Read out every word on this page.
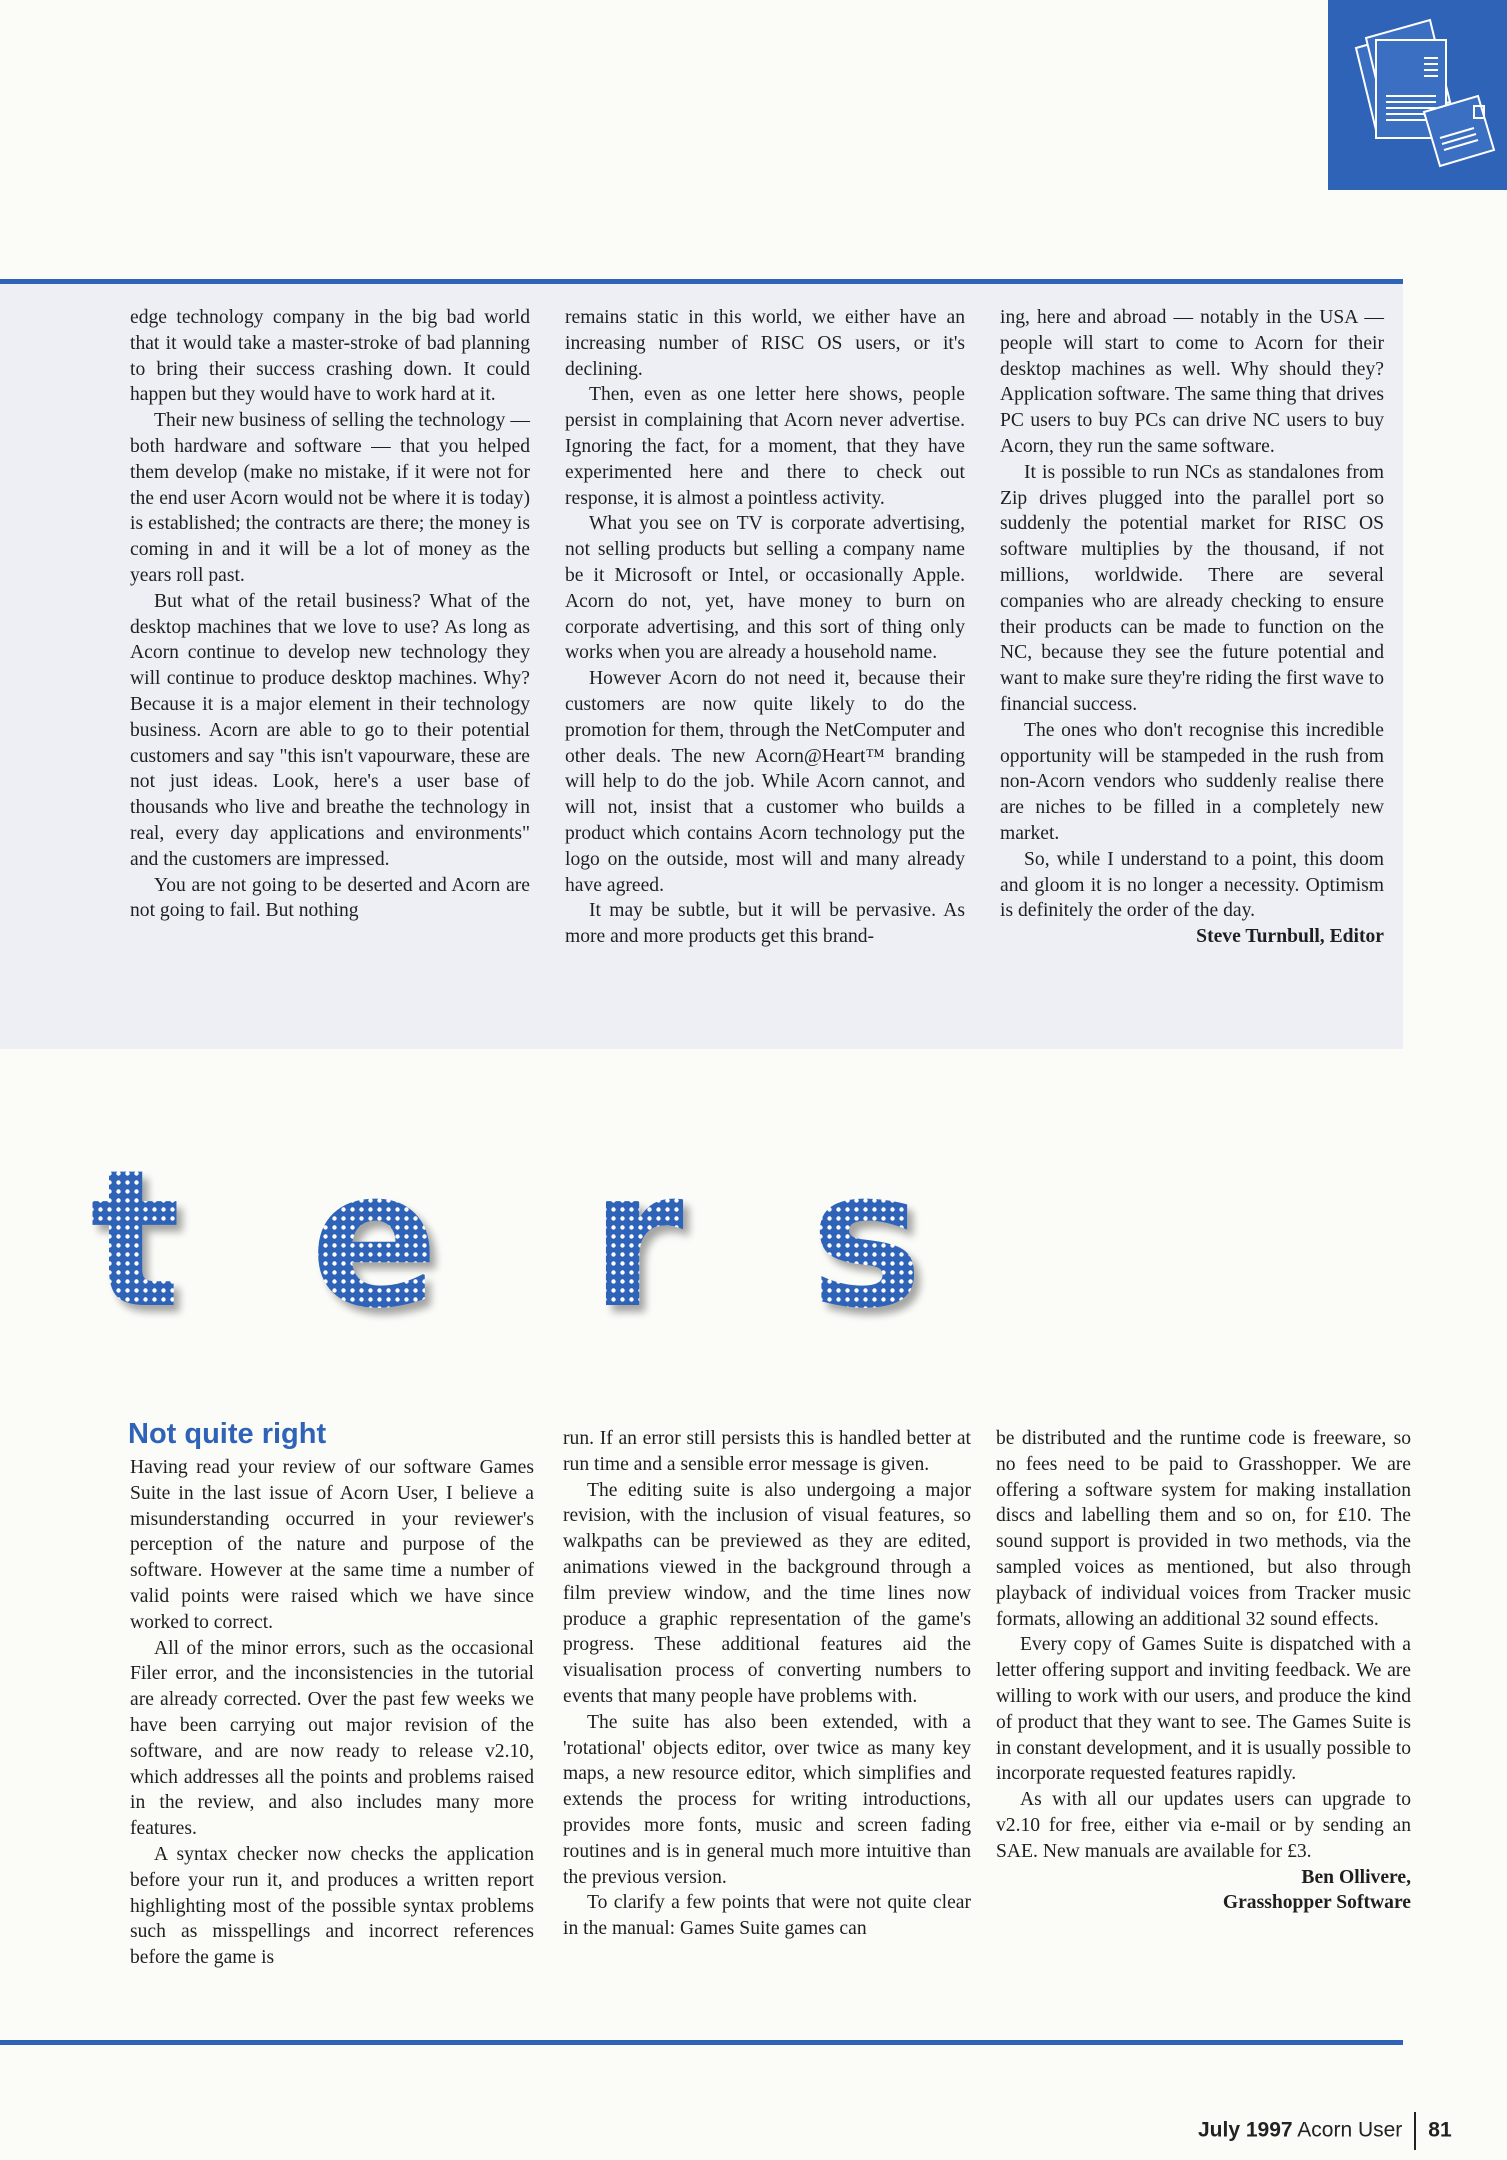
edge technology company in the big bad world that it would take a master-stroke of bad planning to bring their success crashing down. It could happen but they would have to work hard at it.

Their new business of selling the technology — both hardware and software — that you helped them develop (make no mistake, if it were not for the end user Acorn would not be where it is today) is established; the contracts are there; the money is coming in and it will be a lot of money as the years roll past.

But what of the retail business? What of the desktop machines that we love to use? As long as Acorn continue to develop new technology they will continue to produce desktop machines. Why? Because it is a major element in their technology business. Acorn are able to go to their potential customers and say "this isn't vapourware, these are not just ideas. Look, here's a user base of thousands who live and breathe the technology in real, every day applications and environments" and the customers are impressed.

You are not going to be deserted and Acorn are not going to fail. But nothing

remains static in this world, we either have an increasing number of RISC OS users, or it's declining.

Then, even as one letter here shows, people persist in complaining that Acorn never advertise. Ignoring the fact, for a moment, that they have experimented here and there to check out response, it is almost a pointless activity.

What you see on TV is corporate advertising, not selling products but selling a company name be it Microsoft or Intel, or occasionally Apple. Acorn do not, yet, have money to burn on corporate advertising, and this sort of thing only works when you are already a household name.

However Acorn do not need it, because their customers are now quite likely to do the promotion for them, through the NetComputer and other deals. The new Acorn@Heart™ branding will help to do the job. While Acorn cannot, and will not, insist that a customer who builds a product which contains Acorn technology put the logo on the outside, most will and many already have agreed.

It may be subtle, but it will be pervasive. As more and more products get this brand-

ing, here and abroad — notably in the USA — people will start to come to Acorn for their desktop machines as well. Why should they? Application software. The same thing that drives PC users to buy PCs can drive NC users to buy Acorn, they run the same software.

It is possible to run NCs as standalones from Zip drives plugged into the parallel port so suddenly the potential market for RISC OS software multiplies by the thousand, if not millions, worldwide. There are several companies who are already checking to ensure their products can be made to function on the NC, because they see the future potential and want to make sure they're riding the first wave to financial success.

The ones who don't recognise this incredible opportunity will be stampeded in the rush from non-Acorn vendors who suddenly realise there are niches to be filled in a completely new market.

So, while I understand to a point, this doom and gloom it is no longer a necessity. Optimism is definitely the order of the day.

Steve Turnbull, Editor

t e r s
Not quite right

Having read your review of our software Games Suite in the last issue of Acorn User, I believe a misunderstanding occurred in your reviewer's perception of the nature and purpose of the software. However at the same time a number of valid points were raised which we have since worked to correct.

All of the minor errors, such as the occasional Filer error, and the inconsistencies in the tutorial are already corrected. Over the past few weeks we have been carrying out major revision of the software, and are now ready to release v2.10, which addresses all the points and problems raised in the review, and also includes many more features.

A syntax checker now checks the application before your run it, and produces a written report highlighting most of the possible syntax problems such as misspellings and incorrect references before the game is

run. If an error still persists this is handled better at run time and a sensible error message is given.

The editing suite is also undergoing a major revision, with the inclusion of visual features, so walkpaths can be previewed as they are edited, animations viewed in the background through a film preview window, and the time lines now produce a graphic representation of the game's progress. These additional features aid the visualisation process of converting numbers to events that many people have problems with.

The suite has also been extended, with a 'rotational' objects editor, over twice as many key maps, a new resource editor, which simplifies and extends the process for writing introductions, provides more fonts, music and screen fading routines and is in general much more intuitive than the previous version.

To clarify a few points that were not quite clear in the manual: Games Suite games can

be distributed and the runtime code is freeware, so no fees need to be paid to Grasshopper. We are offering a software system for making installation discs and labelling them and so on, for £10. The sound support is provided in two methods, via the sampled voices as mentioned, but also through playback of individual voices from Tracker music formats, allowing an additional 32 sound effects.

Every copy of Games Suite is dispatched with a letter offering support and inviting feedback. We are willing to work with our users, and produce the kind of product that they want to see. The Games Suite is in constant development, and it is usually possible to incorporate requested features rapidly.

As with all our updates users can upgrade to v2.10 for free, either via e-mail or by sending an SAE. New manuals are available for £3.

Ben Ollivere,

Grasshopper Software

July 1997 Acorn User 81
